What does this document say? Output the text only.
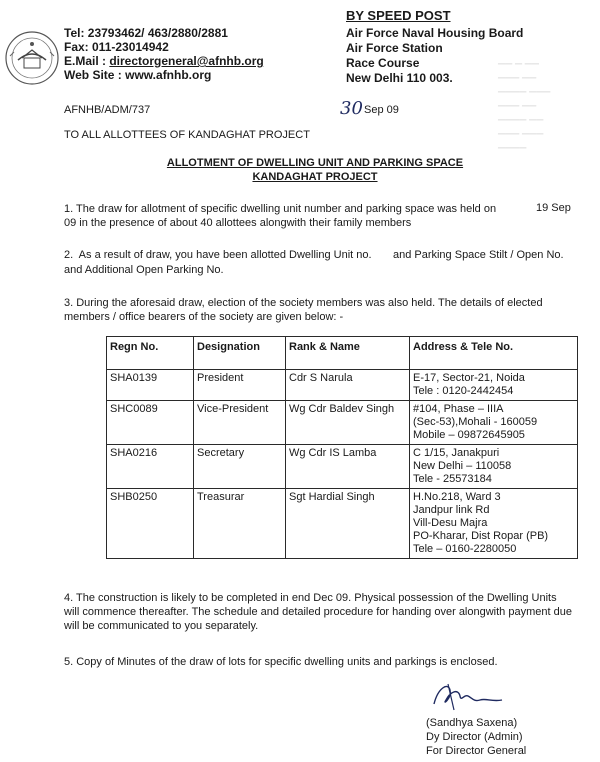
Tel: 23793462/ 463/2880/2881
Fax: 011-23014942
E.Mail : directorgeneral@afnhb.org
Web Site : www.afnhb.org
BY SPEED POST
Air Force Naval Housing Board
Air Force Station
Race Course
New Delhi 110 003.
── ─ ──
─── ──
──── ───
─── ──
──── ──
─── ───
────
AFNHB/ADM/737	30 Sep 09
TO ALL ALLOTTEES OF KANDAGHAT PROJECT
ALLOTMENT OF DWELLING UNIT AND PARKING SPACE
KANDAGHAT PROJECT
1. The draw for allotment of specific dwelling unit number and parking space was held on	19 Sep
09 in the presence of about 40 allottees alongwith their family members
2.  As a result of draw, you have been allotted Dwelling Unit no.       and Parking Space Stilt / Open No.
and Additional Open Parking No.
3. During the aforesaid draw, election of the society members was also held. The details of elected members / office bearers of the society are given below: -
Regn No.	Designation	Rank & Name	Address & Tele No.
SHA0139	President	Cdr S Narula	E-17, Sector-21, Noida
Tele : 0120-2442454

SHC0089	Vice-President	Wg Cdr Baldev Singh	#104, Phase – IIIA
(Sec-53),Mohali - 160059
Mobile – 09872645905

SHA0216	Secretary	Wg Cdr IS Lamba	C 1/15, Janakpuri
New Delhi – 110058
Tele - 25573184

SHB0250	Treasurar	Sgt Hardial Singh	H.No.218, Ward 3
Jandpur link Rd
Vill-Desu Majra
PO-Kharar, Dist Ropar (PB)
Tele – 0160-2280050
4. The construction is likely to be completed in end Dec 09. Physical possession of the Dwelling Units will commence thereafter. The schedule and detailed procedure for handing over alongwith payment due will be communicated to you separately.
5. Copy of Minutes of the draw of lots for specific dwelling units and parkings is enclosed.
(Sandhya Saxena)
Dy Director (Admin)
For Director General
